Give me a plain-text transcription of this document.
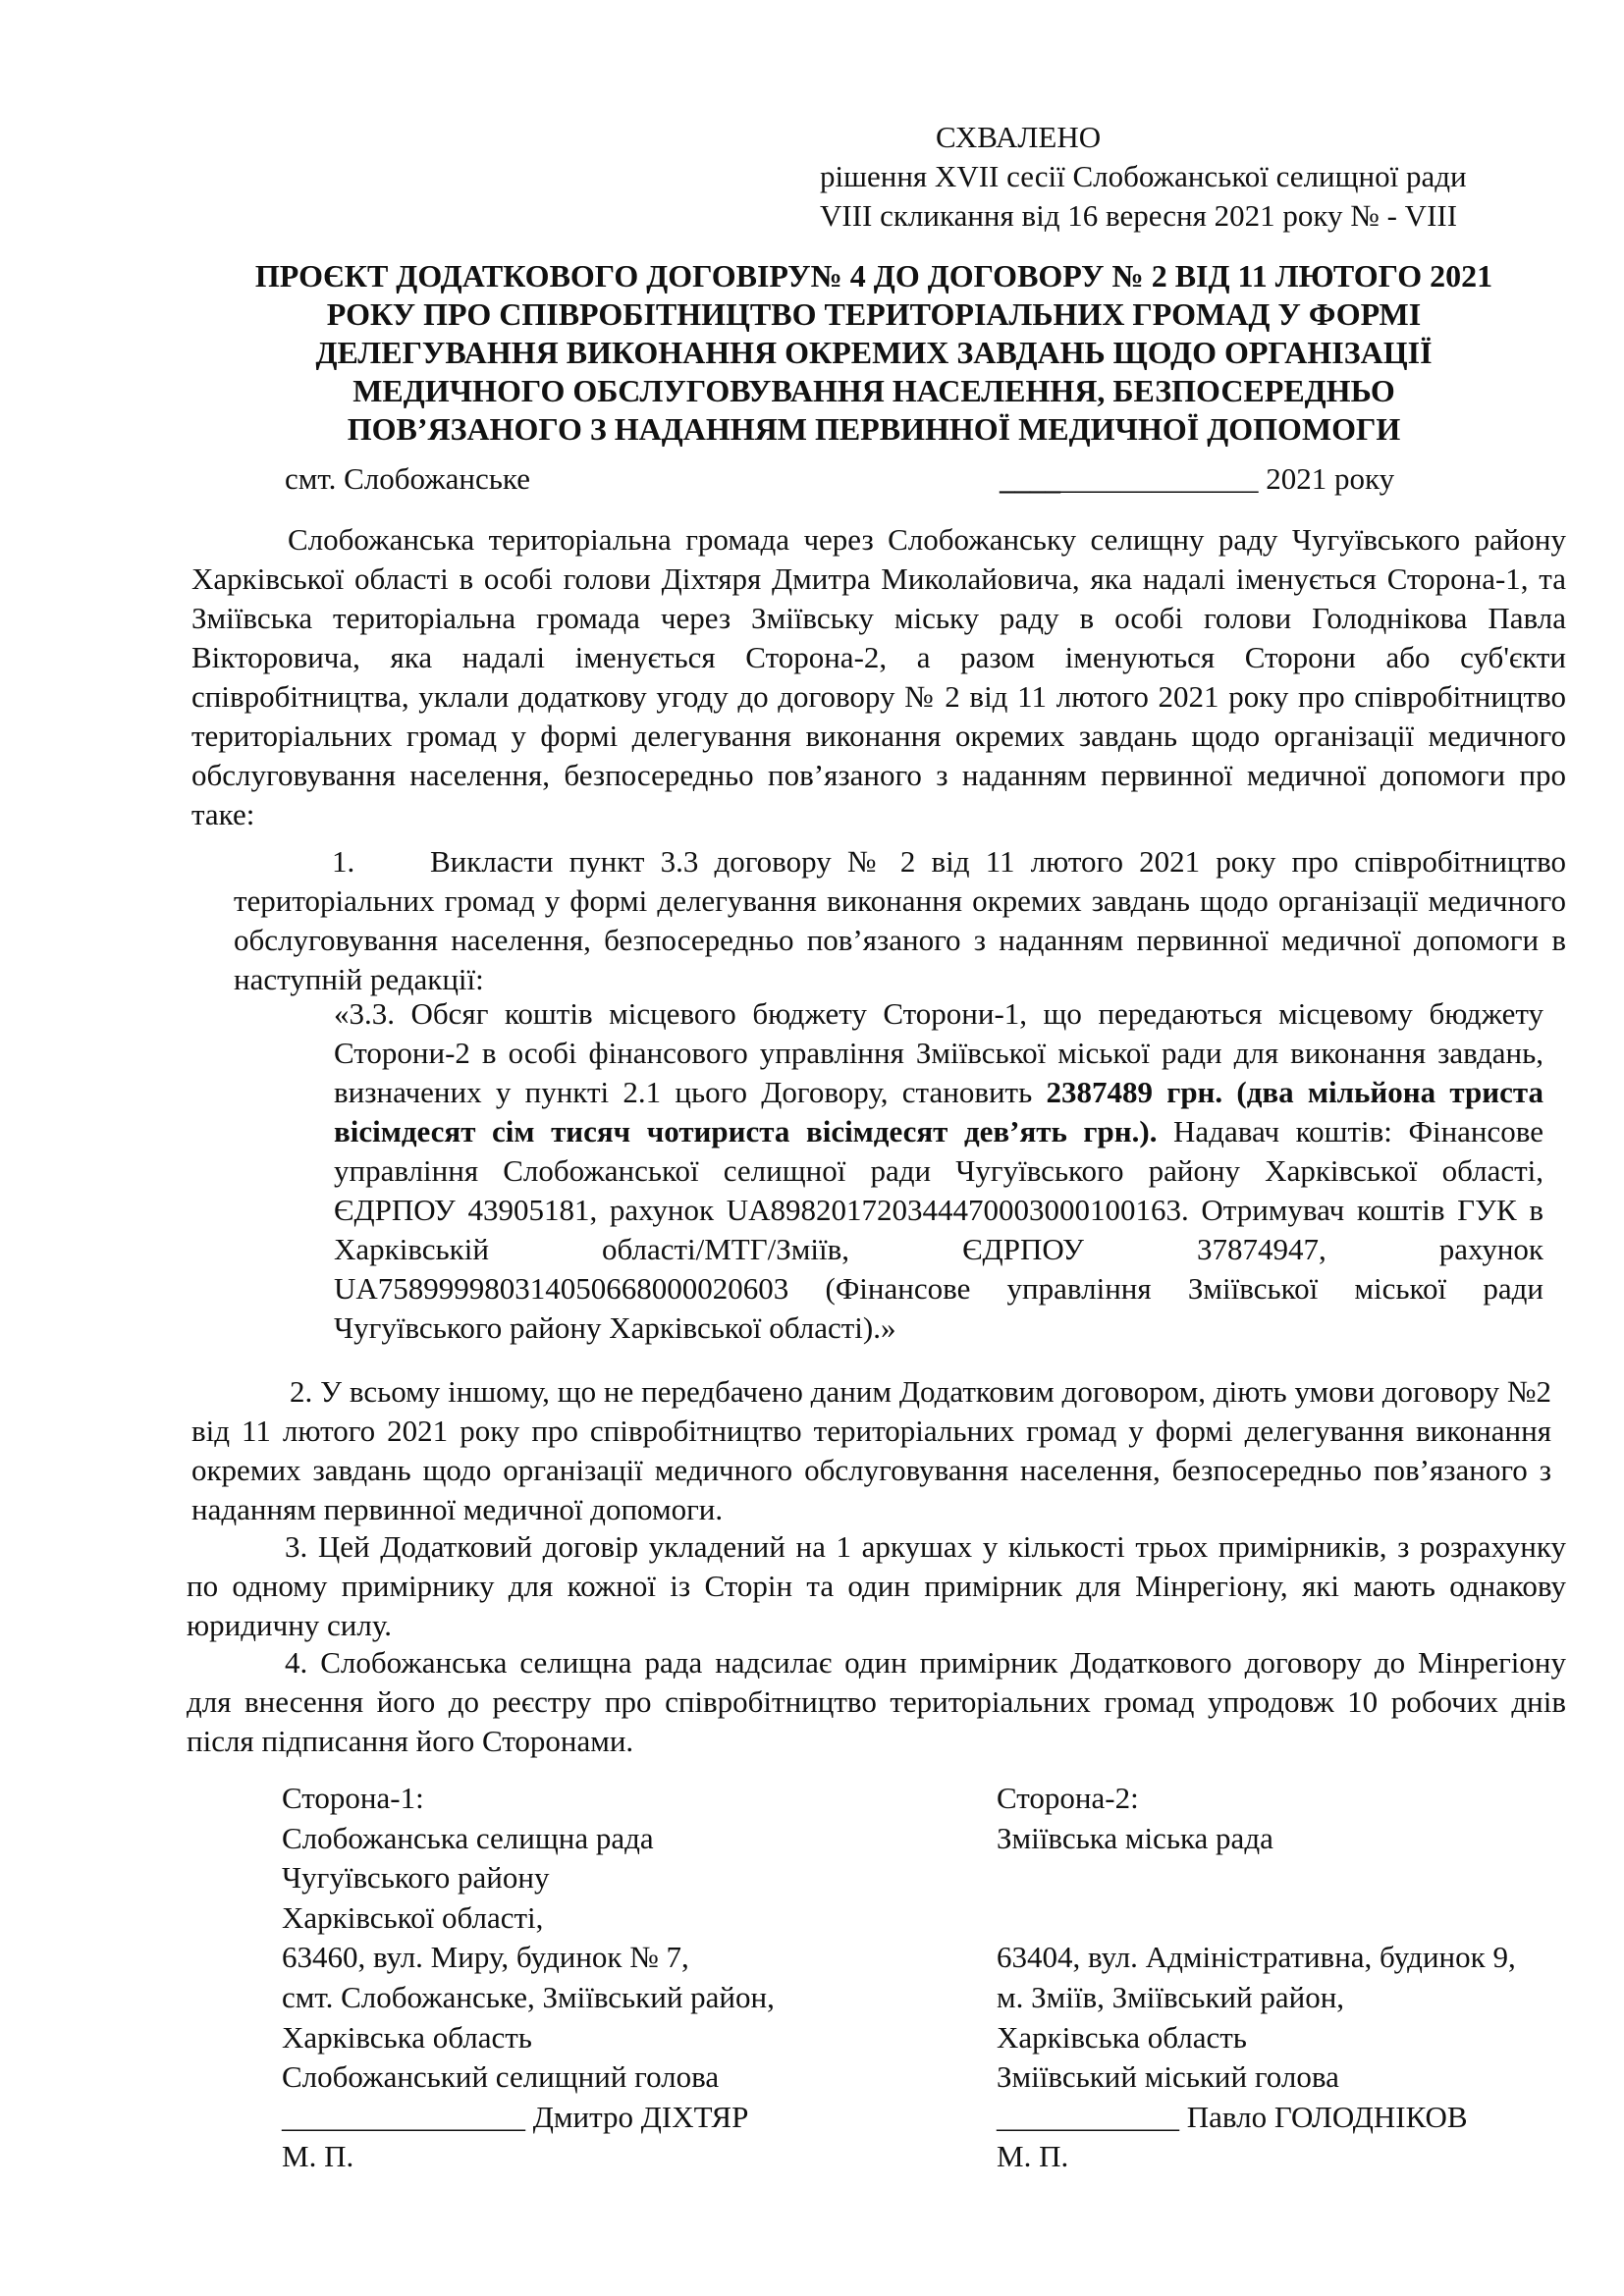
СХВАЛЕНО
рішення XVII сесії Слобожанської селищної ради
VIII скликання від 16 вересня 2021 року № - VIII
ПРОЄКТ ДОДАТКОВОГО ДОГОВІРУ№ 4 ДО ДОГОВОРУ № 2 ВІД 11 ЛЮТОГО 2021
РОКУ ПРО СПІВРОБІТНИЦТВО ТЕРИТОРІАЛЬНИХ ГРОМАД У ФОРМІ
ДЕЛЕГУВАННЯ ВИКОНАННЯ ОКРЕМИХ ЗАВДАНЬ ЩОДО ОРГАНІЗАЦІЇ
МЕДИЧНОГО ОБСЛУГОВУВАННЯ НАСЕЛЕННЯ, БЕЗПОСЕРЕДНЬО
ПОВ’ЯЗАНОГО З НАДАННЯМ ПЕРВИННОЇ МЕДИЧНОЇ ДОПОМОГИ
смт. Слобожанське	_________________ 2021 року
Слобожанська територіальна громада через Слобожанську селищну раду Чугуївського району Харківської області в особі голови Діхтяря Дмитра Миколайовича, яка надалі іменується Сторона-1, та Зміївська територіальна громада через Зміївську міську раду в особі голови Голоднікова Павла Вікторовича, яка надалі іменується Сторона-2, а разом іменуються Сторони або суб'єкти співробітництва, уклали додаткову угоду до договору № 2 від 11 лютого 2021 року про співробітництво територіальних громад у формі делегування виконання окремих завдань щодо організації медичного обслуговування населення, безпосередньо пов’язаного з наданням первинної медичної допомоги про таке:
1. Викласти пункт 3.3 договору № 2 від 11 лютого 2021 року про співробітництво територіальних громад у формі делегування виконання окремих завдань щодо організації медичного обслуговування населення, безпосередньо пов’язаного з наданням первинної медичної допомоги в наступній редакції:
«3.3. Обсяг коштів місцевого бюджету Сторони-1, що передаються місцевому бюджету Сторони-2 в особі фінансового управління Зміївської міської ради для виконання завдань, визначених у пункті 2.1 цього Договору, становить 2387489 грн. (два мільйона триста вісімдесят сім тисяч чотириста вісімдесят дев’ять грн.). Надавач коштів: Фінансове управління Слобожанської селищної ради Чугуївського району Харківської області, ЄДРПОУ 43905181, рахунок UA898201720344470003000100163. Отримувач коштів ГУК в Харківській області/МТГ/Зміїв, ЄДРПОУ 37874947, рахунок UA758999980314050668000020603 (Фінансове управління Зміївської міської ради Чугуївського району Харківської області).»
2. У всьому іншому, що не передбачено даним Додатковим договором, діють умови договору №2 від 11 лютого 2021 року про співробітництво територіальних громад у формі делегування виконання окремих завдань щодо організації медичного обслуговування населення, безпосередньо пов’язаного з наданням первинної медичної допомоги.
3. Цей Додатковий договір укладений на 1 аркушах у кількості трьох примірників, з розрахунку по одному примірнику для кожної із Сторін та один примірник для Мінрегіону, які мають однакову юридичну силу.
4. Слобожанська селищна рада надсилає один примірник Додаткового договору до Мінрегіону для внесення його до реєстру про співробітництво територіальних громад упродовж 10 робочих днів після підписання його Сторонами.
Сторона-1:
Слобожанська селищна рада
Чугуївського району
Харківської області,
63460, вул. Миру, будинок № 7,
смт. Слобожанське, Зміївський район,
Харківська область
Слобожанський селищний голова
________________ Дмитро ДІХТЯР
М. П.
Сторона-2:
Зміївська міська рада
63404, вул. Адміністративна, будинок 9,
м. Зміїв, Зміївський район,
Харківська область
Зміївський міський голова
____________ Павло ГОЛОДНІКОВ
М. П.
